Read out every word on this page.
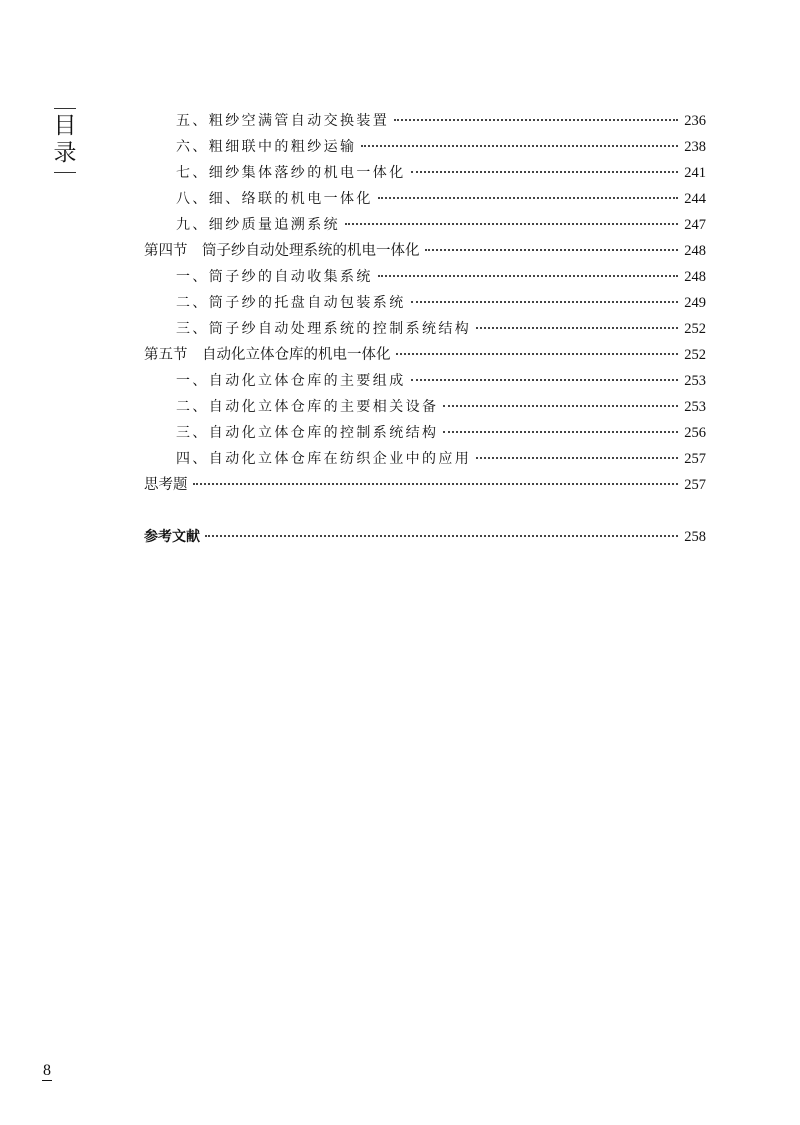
目录
五、粗纱空满管自动交换装置	236
六、粗细联中的粗纱运输	238
七、细纱集体落纱的机电一体化	241
八、细、络联的机电一体化	244
九、细纱质量追溯系统	247
第四节　筒子纱自动处理系统的机电一体化	248
一、筒子纱的自动收集系统	248
二、筒子纱的托盘自动包装系统	249
三、筒子纱自动处理系统的控制系统结构	252
第五节　自动化立体仓库的机电一体化	252
一、自动化立体仓库的主要组成	253
二、自动化立体仓库的主要相关设备	253
三、自动化立体仓库的控制系统结构	256
四、自动化立体仓库在纺织企业中的应用	257
思考题	257
参考文献	258
8
